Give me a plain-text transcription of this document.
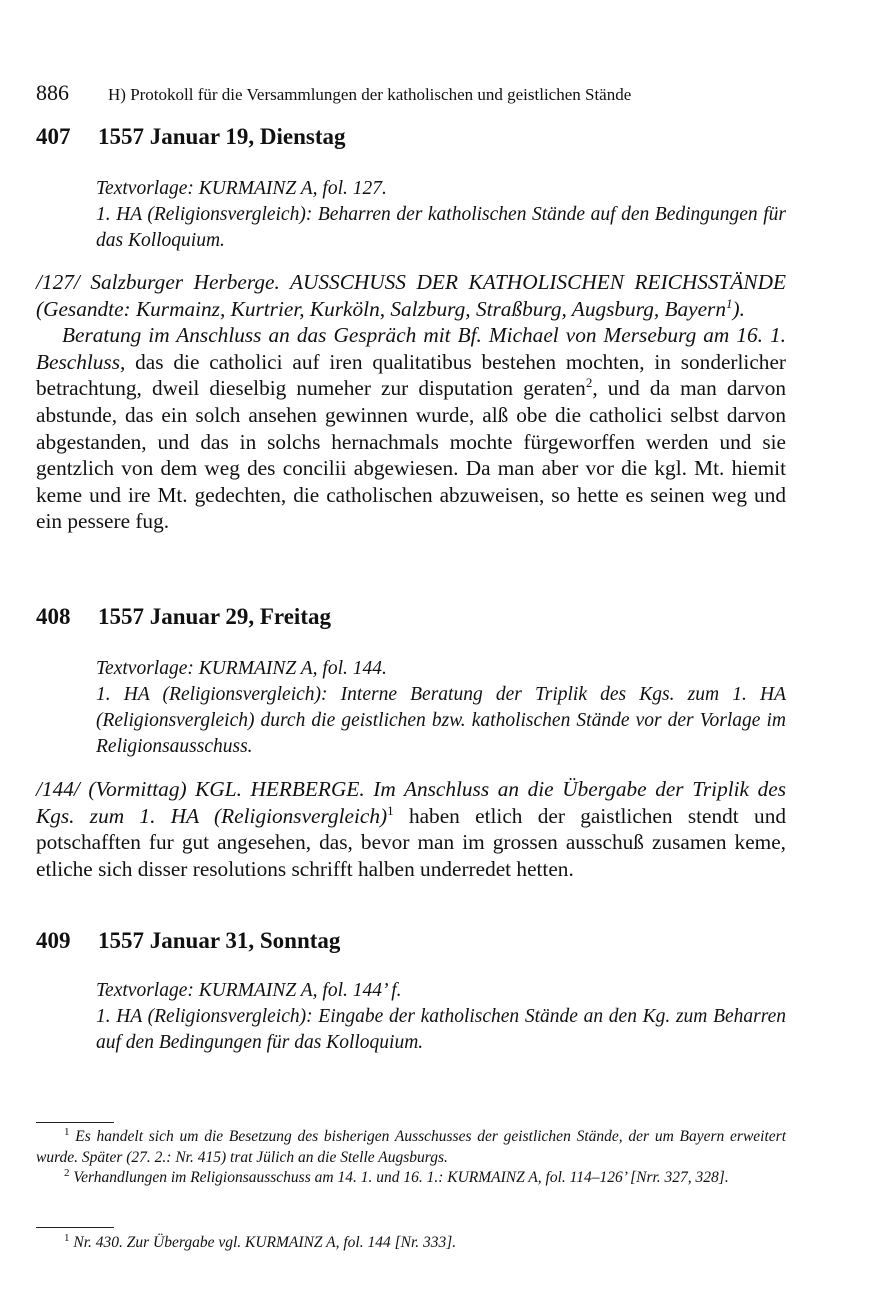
886 H) Protokoll für die Versammlungen der katholischen und geistlichen Stände
407 1557 Januar 19, Dienstag

Textvorlage: KURMAINZ A, fol. 127.

1. HA (Religionsvergleich): Beharren der katholischen Stände auf den Bedingungen für das Kolloquium.

/127/ Salzburger Herberge. AUSSCHUSS DER KATHOLISCHEN REICHSSTÄNDE (Gesandte: Kurmainz, Kurtrier, Kurköln, Salzburg, Straßburg, Augsburg, Bayern$^1$).

Beratung im Anschluss an das Gespräch mit Bf. Michael von Merseburg am 16. 1. Beschluss, das die catholici auf iren qualitatibus bestehen mochten, in sonderlicher betrachtung, dweil dieselbig numeher zur disputation geraten$^2$, und da man darvon abstunde, das ein solch ansehen gewinnen wurde, alß obe die catholici selbst darvon abgestanden, und das in solchs hernachmals mochte fürgeworffen werden und sie gentzlich von dem weg des concilii abgewiesen. Da man aber vor die kgl. Mt. hiemit keme und ire Mt. gedechten, die catholischen abzuweisen, so hette es seinen weg und ein pessere fug.

408 1557 Januar 29, Freitag

Textvorlage: KURMAINZ A, fol. 144.

1. HA (Religionsvergleich): Interne Beratung der Triplik des Kgs. zum 1. HA (Religionsvergleich) durch die geistlichen bzw. katholischen Stände vor der Vorlage im Religionsausschuss.

/144/ (Vormittag) KGL. HERBERGE. Im Anschluss an die Übergabe der Triplik des Kgs. zum 1. HA (Religionsvergleich)$^1$ haben etlich der gaistlichen stendt und potschafften fur gut angesehen, das, bevor man im grossen ausschuß zusamen keme, etliche sich disser resolutions schrifft halben underredet hetten.

409 1557 Januar 31, Sonntag

Textvorlage: KURMAINZ A, fol. 144’ f.

1. HA (Religionsvergleich): Eingabe der katholischen Stände an den Kg. zum Beharren auf den Bedingungen für das Kolloquium.

$^1$ Es handelt sich um die Besetzung des bisherigen Ausschusses der geistlichen Stände, der um Bayern erweitert wurde. Später (27. 2.: Nr. 415) trat Jülich an die Stelle Augsburgs.

$^2$ Verhandlungen im Religionsausschuss am 14. 1. und 16. 1.: KURMAINZ A, fol. 114–126’ [Nrr. 327, 328].

$^1$ Nr. 430. Zur Übergabe vgl. KURMAINZ A, fol. 144 [Nr. 333].
